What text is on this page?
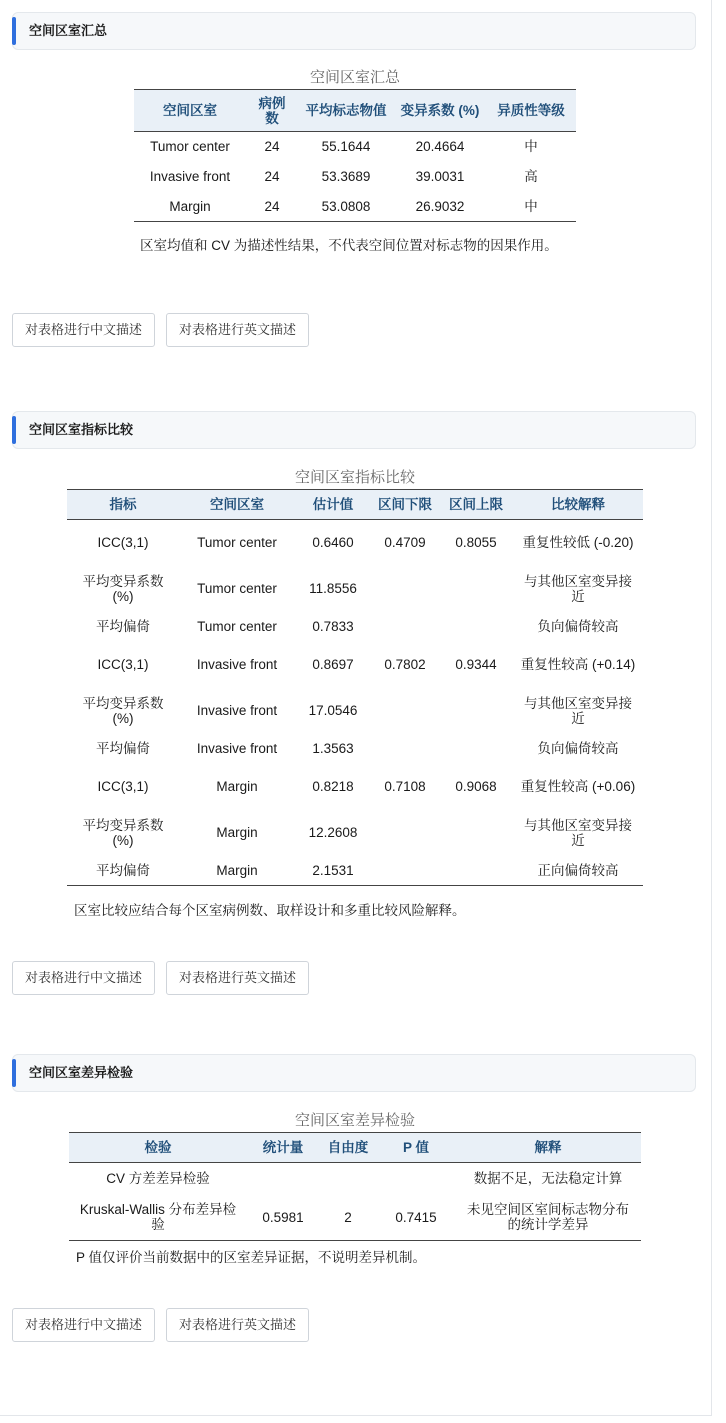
空间区室汇总
空间区室汇总
空间区室	病例数	平均标志物值	变异系数 (%)	异质性等级
Tumor center	24	55.1644	20.4664	中
Invasive front	24	53.3689	39.0031	高
Margin	24	53.0808	26.9032	中
区室均值和 CV 为描述性结果，不代表空间位置对标志物的因果作用。
对表格进行中文描述	对表格进行英文描述
空间区室指标比较
空间区室指标比较
指标	空间区室	估计值	区间下限	区间上限	比较解释
ICC(3,1)	Tumor center	0.6460	0.4709	0.8055	重复性较低 (-0.20)
平均变异系数 (%)	Tumor center	11.8556			与其他区室变异接近
平均偏倚	Tumor center	0.7833			负向偏倚较高
ICC(3,1)	Invasive front	0.8697	0.7802	0.9344	重复性较高 (+0.14)
平均变异系数 (%)	Invasive front	17.0546			与其他区室变异接近
平均偏倚	Invasive front	1.3563			负向偏倚较高
ICC(3,1)	Margin	0.8218	0.7108	0.9068	重复性较高 (+0.06)
平均变异系数 (%)	Margin	12.2608			与其他区室变异接近
平均偏倚	Margin	2.1531			正向偏倚较高
区室比较应结合每个区室病例数、取样设计和多重比较风险解释。
对表格进行中文描述	对表格进行英文描述
空间区室差异检验
空间区室差异检验
检验	统计量	自由度	P 值	解释
CV 方差差异检验				数据不足，无法稳定计算
Kruskal-Wallis 分布差异检验	0.5981	2	0.7415	未见空间区室间标志物分布的统计学差异
P 值仅评价当前数据中的区室差异证据，不说明差异机制。
对表格进行中文描述	对表格进行英文描述
